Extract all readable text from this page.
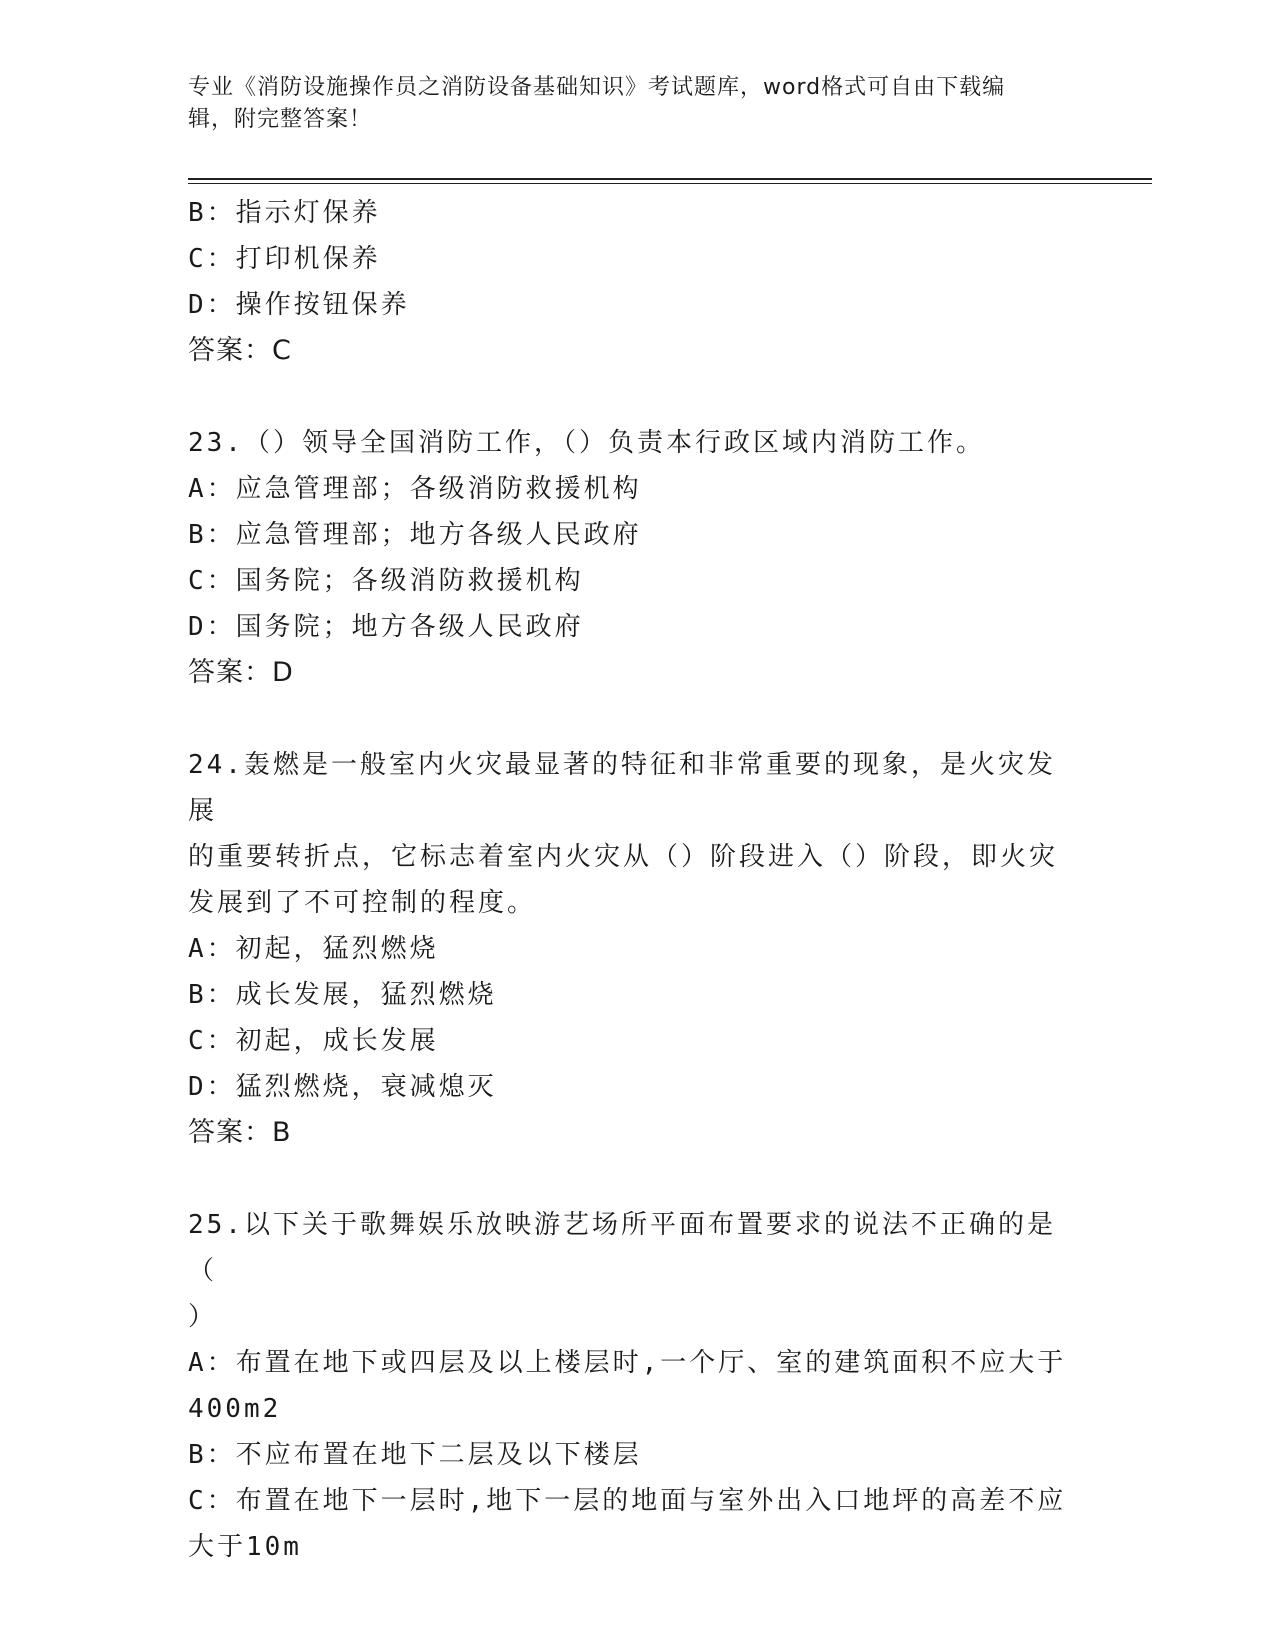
专业《消防设施操作员之消防设备基础知识》考试题库，word格式可自由下载编
辑，附完整答案！

B：指示灯保养

C：打印机保养

D：操作按钮保养

答案：C

23.（）领导全国消防工作，（）负责本行政区域内消防工作。

A：应急管理部；各级消防救援机构

B：应急管理部；地方各级人民政府

C：国务院；各级消防救援机构

D：国务院；地方各级人民政府

答案：D

24.轰燃是一般室内火灾最显著的特征和非常重要的现象，是火灾发展

的重要转折点，它标志着室内火灾从（）阶段进入（）阶段，即火灾

发展到了不可控制的程度。

A：初起，猛烈燃烧

B：成长发展，猛烈燃烧

C：初起，成长发展

D：猛烈燃烧，衰减熄灭

答案：B

25.以下关于歌舞娱乐放映游艺场所平面布置要求的说法不正确的是（

）

A：布置在地下或四层及以上楼层时,一个厅、室的建筑面积不应大于

400m2

B：不应布置在地下二层及以下楼层

C：布置在地下一层时,地下一层的地面与室外出入口地坪的高差不应

大于10m
